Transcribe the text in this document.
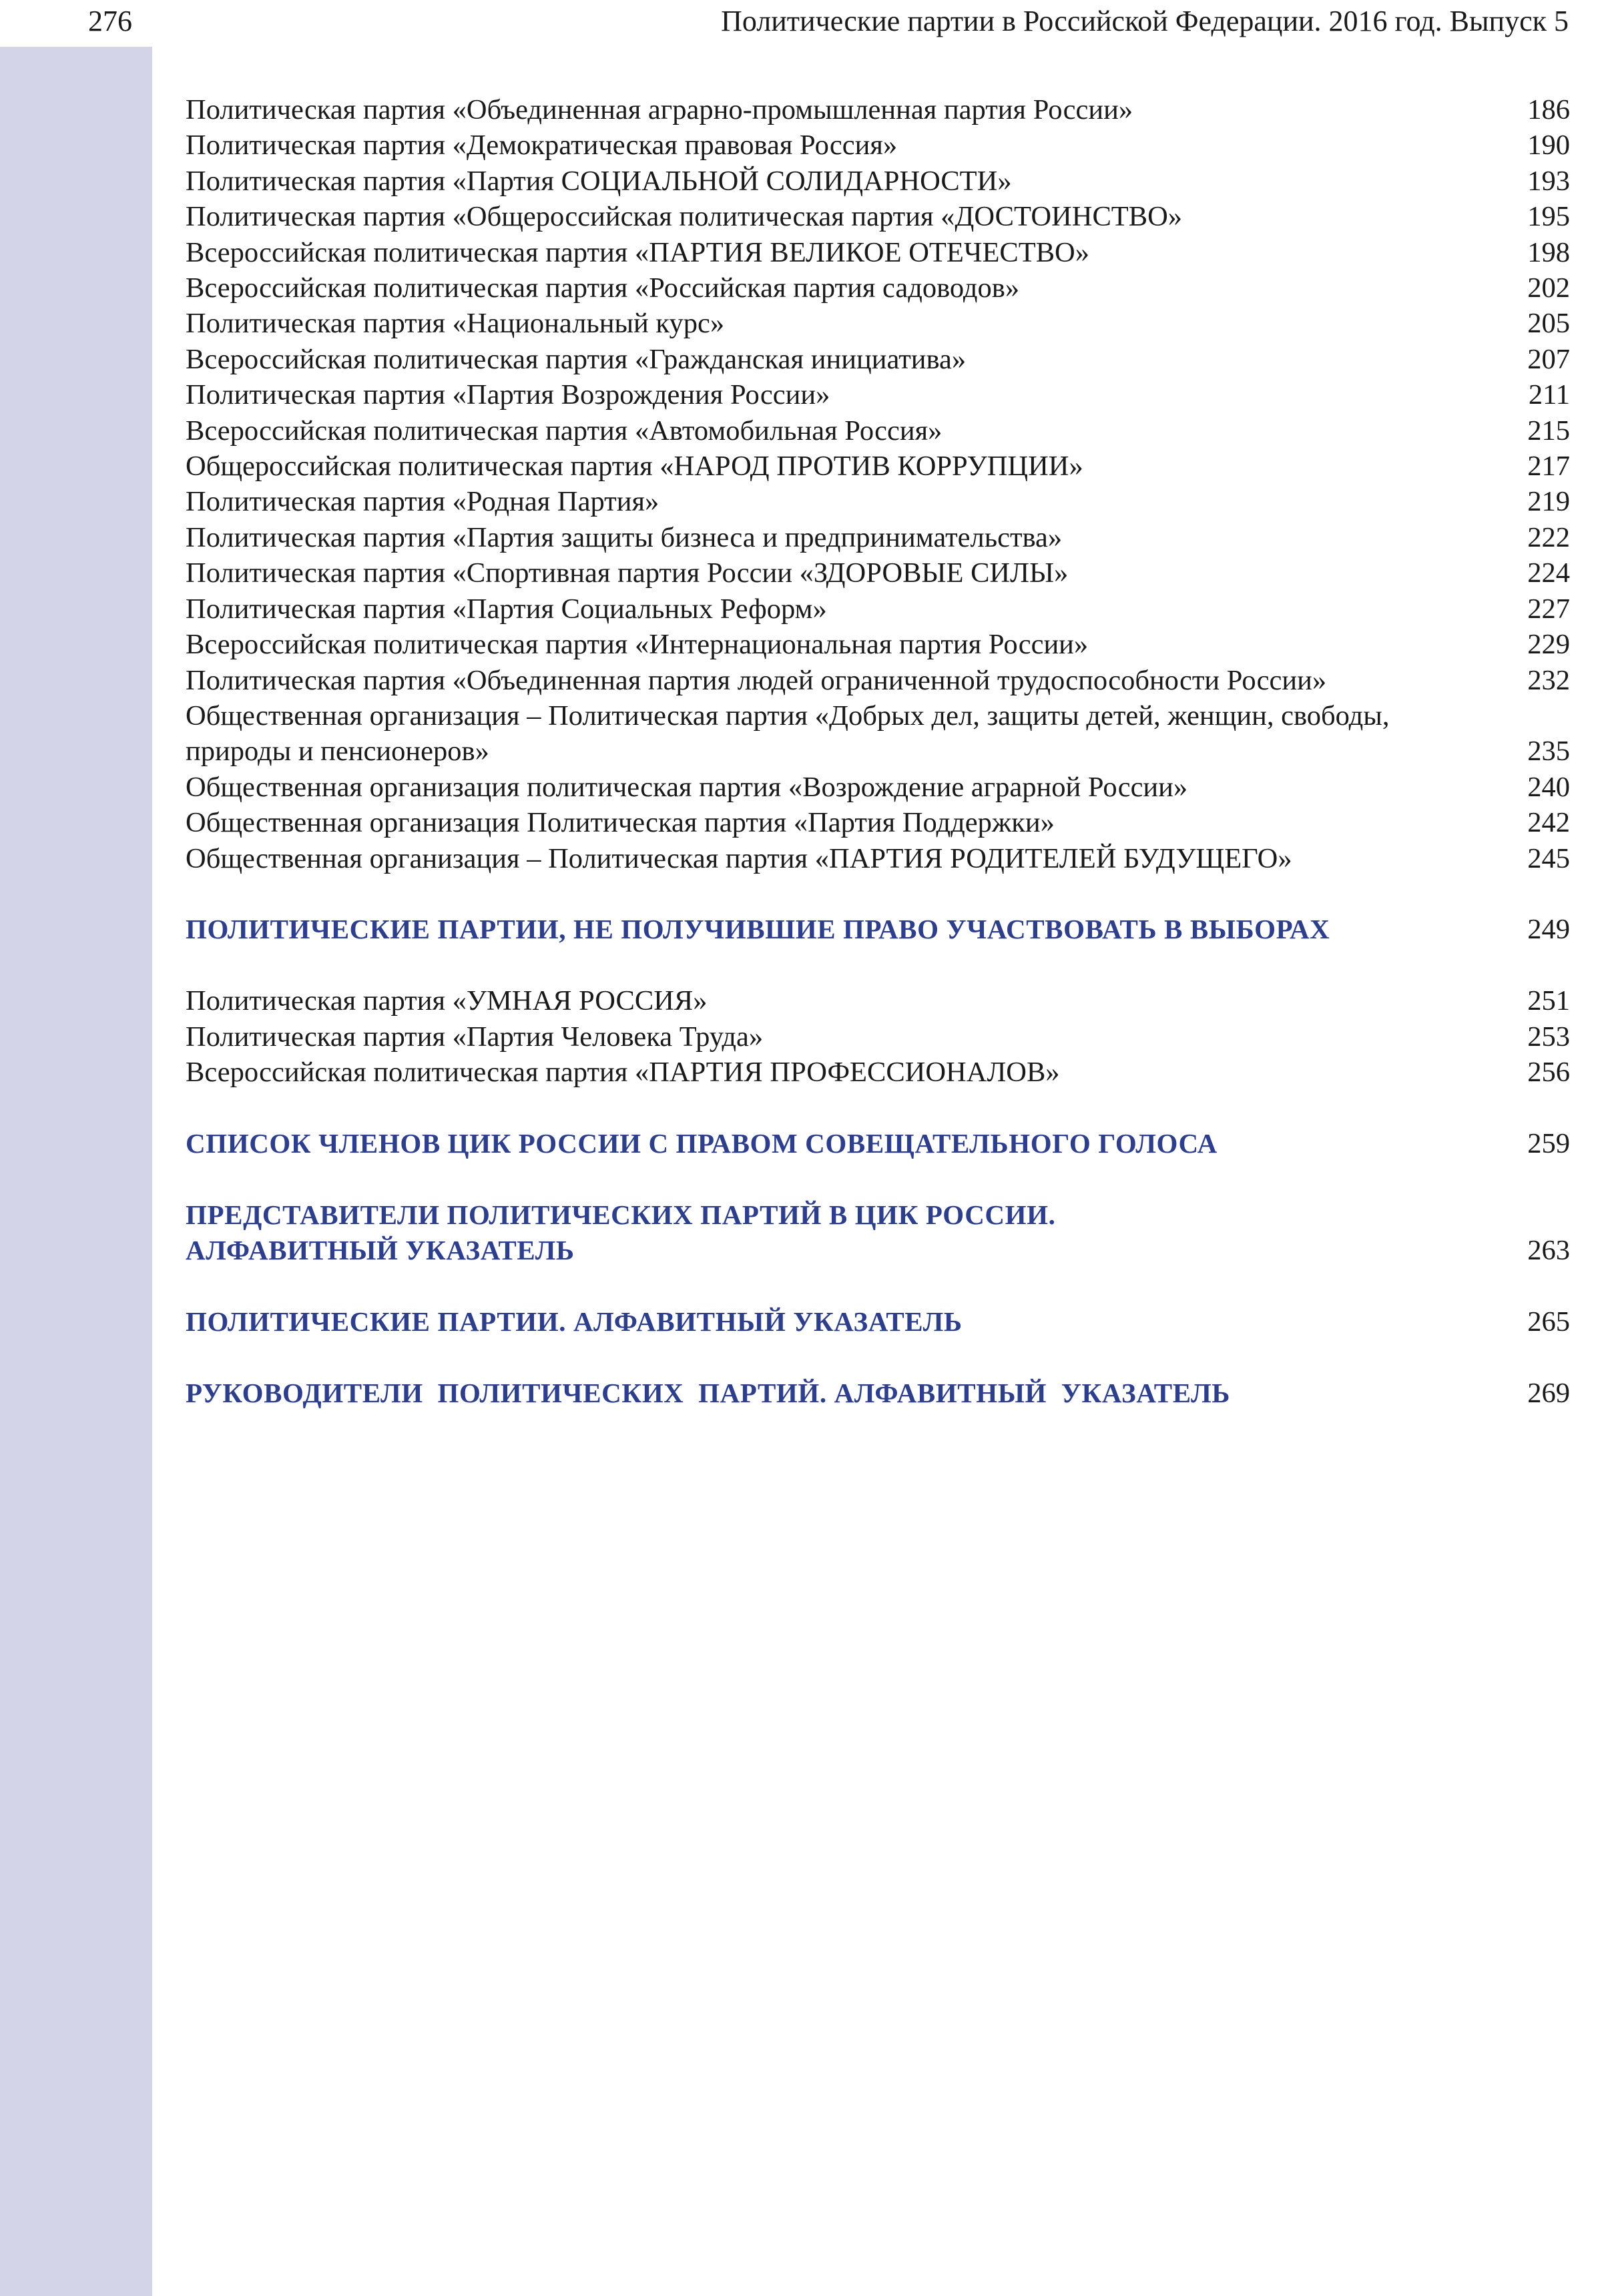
276	Политические партии в Российской Федерации. 2016 год. Выпуск 5
Политическая партия «Объединенная аграрно-промышленная партия России»	186
Политическая партия «Демократическая правовая Россия»	190
Политическая партия «Партия СОЦИАЛЬНОЙ СОЛИДАРНОСТИ»	193
Политическая партия «Общероссийская политическая партия «ДОСТОИНСТВО»	195
Всероссийская политическая партия «ПАРТИЯ ВЕЛИКОЕ ОТЕЧЕСТВО»	198
Всероссийская политическая партия «Российская партия садоводов»	202
Политическая партия «Национальный курс»	205
Всероссийская политическая партия «Гражданская инициатива»	207
Политическая партия «Партия Возрождения России»	211
Всероссийская политическая партия «Автомобильная Россия»	215
Общероссийская политическая партия «НАРОД ПРОТИВ КОРРУПЦИИ»	217
Политическая партия «Родная Партия»	219
Политическая партия «Партия защиты бизнеса и предпринимательства»	222
Политическая партия «Спортивная партия России «ЗДОРОВЫЕ СИЛЫ»	224
Политическая партия «Партия Социальных Реформ»	227
Всероссийская политическая партия «Интернациональная партия России»	229
Политическая партия «Объединенная партия людей ограниченной трудоспособности России»	232
Общественная организация – Политическая партия «Добрых дел, защиты детей, женщин, свободы, природы и пенсионеров»	235
Общественная организация политическая партия «Возрождение аграрной России»	240
Общественная организация Политическая партия «Партия Поддержки»	242
Общественная организация – Политическая партия «ПАРТИЯ РОДИТЕЛЕЙ БУДУЩЕГО»	245
ПОЛИТИЧЕСКИЕ ПАРТИИ, НЕ ПОЛУЧИВШИЕ ПРАВО УЧАСТВОВАТЬ В ВЫБОРАХ	249
Политическая партия «УМНАЯ РОССИЯ»	251
Политическая партия «Партия Человека Труда»	253
Всероссийская политическая партия «ПАРТИЯ ПРОФЕССИОНАЛОВ»	256
СПИСОК ЧЛЕНОВ ЦИК РОССИИ С ПРАВОМ СОВЕЩАТЕЛЬНОГО ГОЛОСА	259
ПРЕДСТАВИТЕЛИ ПОЛИТИЧЕСКИХ ПАРТИЙ В ЦИК РОССИИ.
АЛФАВИТНЫЙ УКАЗАТЕЛЬ	263
ПОЛИТИЧЕСКИЕ ПАРТИИ. АЛФАВИТНЫЙ УКАЗАТЕЛЬ	265
РУКОВОДИТЕЛИ  ПОЛИТИЧЕСКИХ  ПАРТИЙ. АЛФАВИТНЫЙ  УКАЗАТЕЛЬ	269
